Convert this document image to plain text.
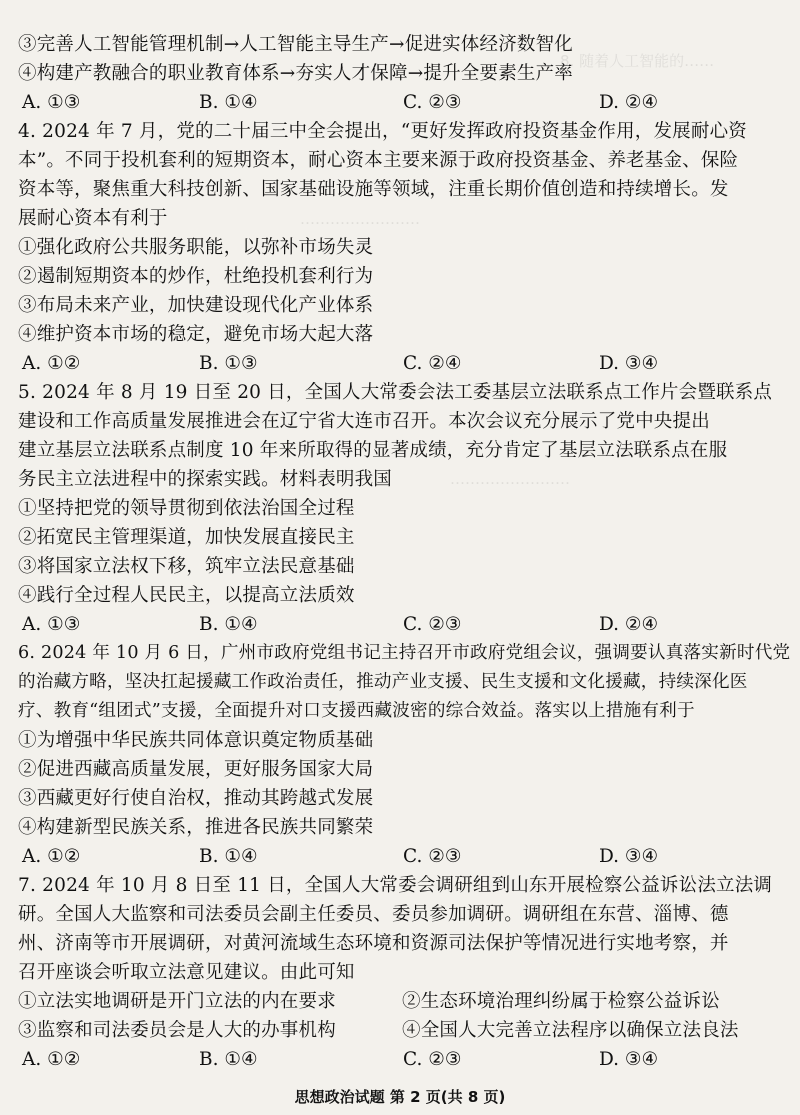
8. 随着人工智能的……
……………………
……………………
③完善人工智能管理机制→人工智能主导生产→促进实体经济数智化
④构建产教融合的职业教育体系→夯实人才保障→提升全要素生产率
A. ①③	B. ①④	C. ②③	D. ②④
4. 2024 年 7 月，党的二十届三中全会提出，“更好发挥政府投资基金作用，发展耐心资
本”。不同于投机套利的短期资本，耐心资本主要来源于政府投资基金、养老基金、保险
资本等，聚焦重大科技创新、国家基础设施等领域，注重长期价值创造和持续增长。发
展耐心资本有利于
①强化政府公共服务职能，以弥补市场失灵
②遏制短期资本的炒作，杜绝投机套利行为
③布局未来产业，加快建设现代化产业体系
④维护资本市场的稳定，避免市场大起大落
A. ①②	B. ①③	C. ②④	D. ③④
5. 2024 年 8 月 19 日至 20 日，全国人大常委会法工委基层立法联系点工作片会暨联系点
建设和工作高质量发展推进会在辽宁省大连市召开。本次会议充分展示了党中央提出
建立基层立法联系点制度 10 年来所取得的显著成绩，充分肯定了基层立法联系点在服
务民主立法进程中的探索实践。材料表明我国
①坚持把党的领导贯彻到依法治国全过程
②拓宽民主管理渠道，加快发展直接民主
③将国家立法权下移，筑牢立法民意基础
④践行全过程人民民主，以提高立法质效
A. ①③	B. ①④	C. ②③	D. ②④
6. 2024 年 10 月 6 日，广州市政府党组书记主持召开市政府党组会议，强调要认真落实新时代党
的治藏方略，坚决扛起援藏工作政治责任，推动产业支援、民生支援和文化援藏，持续深化医
疗、教育“组团式”支援，全面提升对口支援西藏波密的综合效益。落实以上措施有利于
①为增强中华民族共同体意识奠定物质基础
②促进西藏高质量发展，更好服务国家大局
③西藏更好行使自治权，推动其跨越式发展
④构建新型民族关系，推进各民族共同繁荣
A. ①②	B. ①④	C. ②③	D. ③④
7. 2024 年 10 月 8 日至 11 日，全国人大常委会调研组到山东开展检察公益诉讼法立法调
研。全国人大监察和司法委员会副主任委员、委员参加调研。调研组在东营、淄博、德
州、济南等市开展调研，对黄河流域生态环境和资源司法保护等情况进行实地考察，并
召开座谈会听取立法意见建议。由此可知
①立法实地调研是开门立法的内在要求	②生态环境治理纠纷属于检察公益诉讼
③监察和司法委员会是人大的办事机构	④全国人大完善立法程序以确保立法良法
A. ①②	B. ①④	C. ②③	D. ③④
思想政治试题 第 2 页(共 8 页)
